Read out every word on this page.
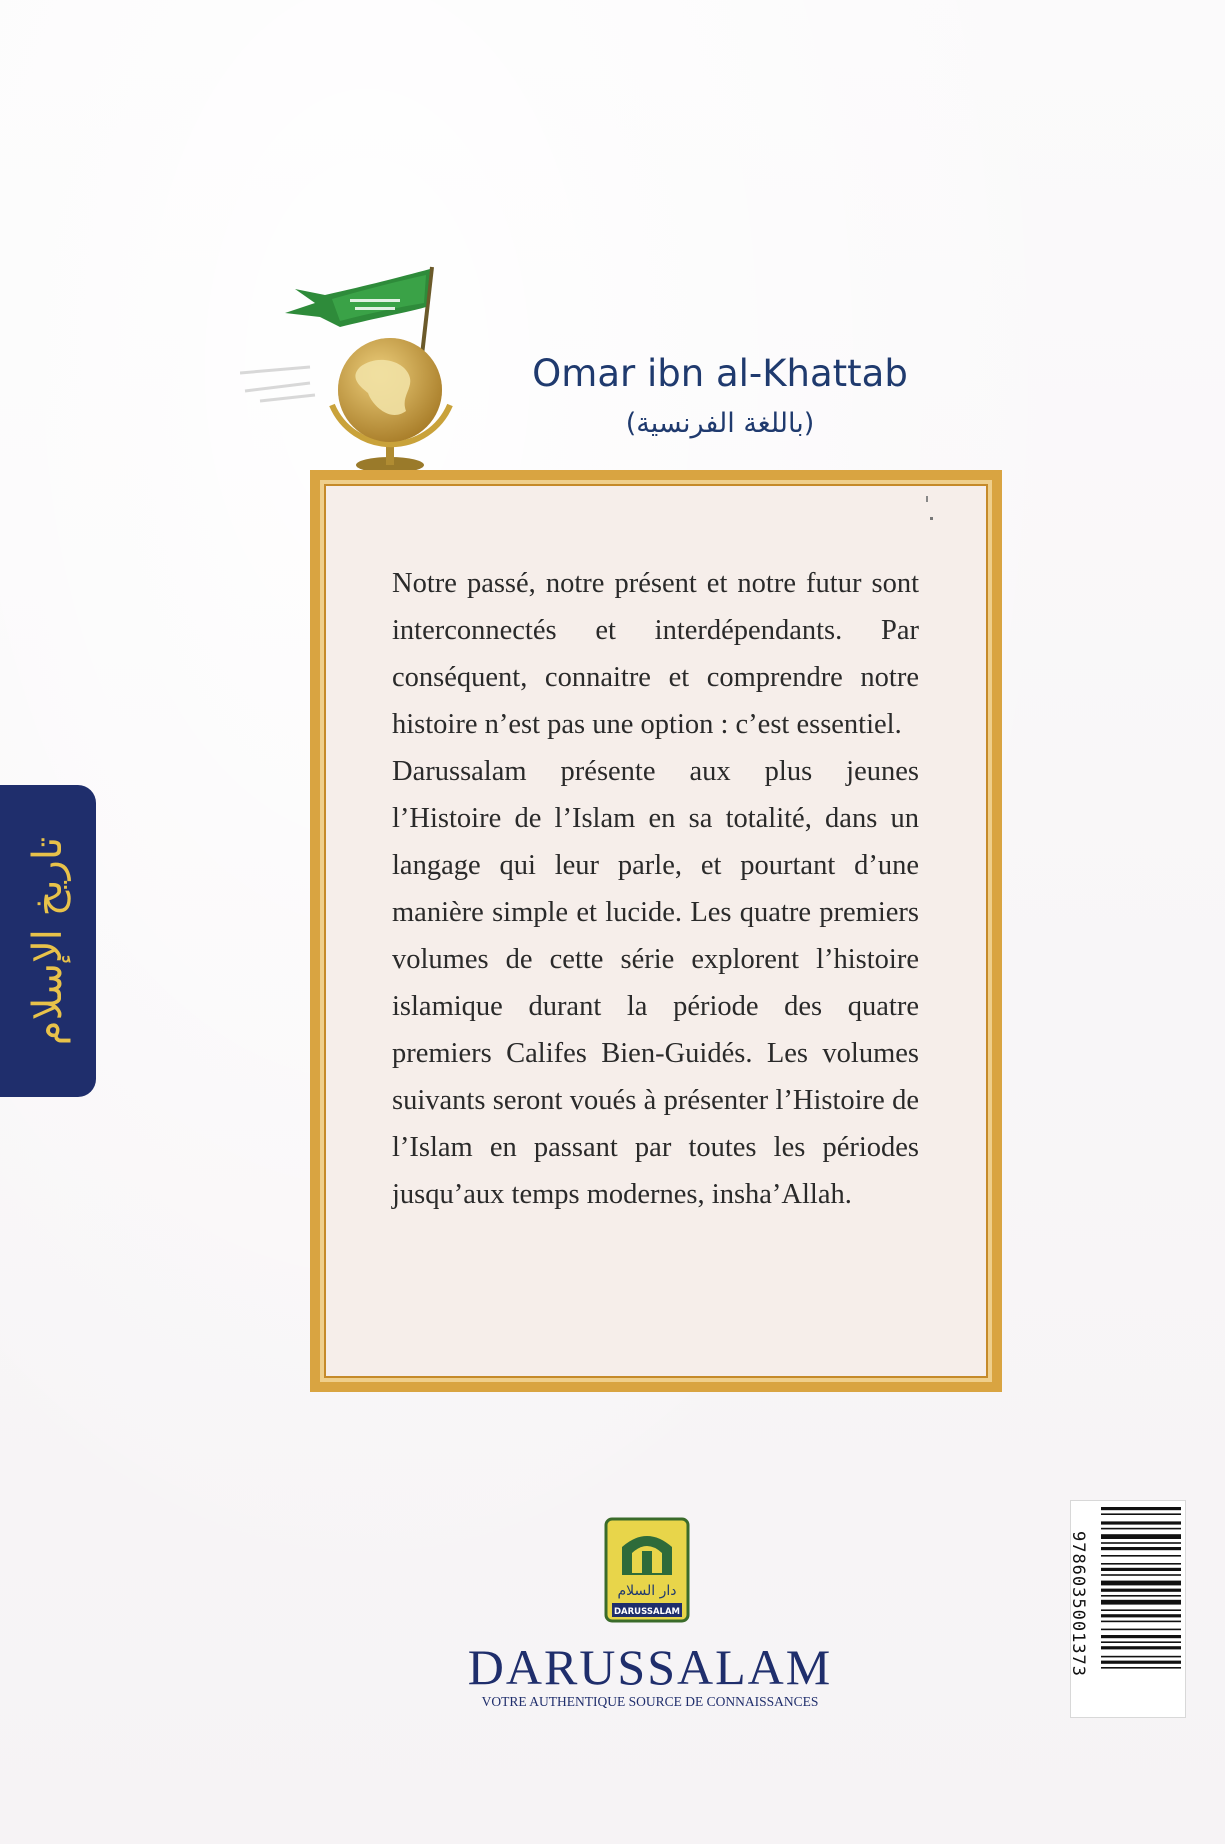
تاريخ الإسلام
Omar ibn al-Khattab
(باللغة الفرنسية)

Notre passé, notre présent et notre futur sont interconnectés et interdépendants. Par conséquent, connaitre et comprendre notre histoire n’est pas une option : c’est essentiel.

Darussalam présente aux plus jeunes l’Histoire de l’Islam en sa totalité, dans un langage qui leur parle, et pourtant d’une manière simple et lucide. Les quatre premiers volumes de cette série explorent l’histoire islamique durant la période des quatre premiers Califes Bien-Guidés. Les volumes suivants seront voués à présenter l’Histoire de l’Islam en passant par toutes les périodes jusqu’aux temps modernes, insha’Allah.

دار السلام
DARUSSALAM
DARUSSALAM
VOTRE AUTHENTIQUE SOURCE DE CONNAISSANCES
9786035001373
